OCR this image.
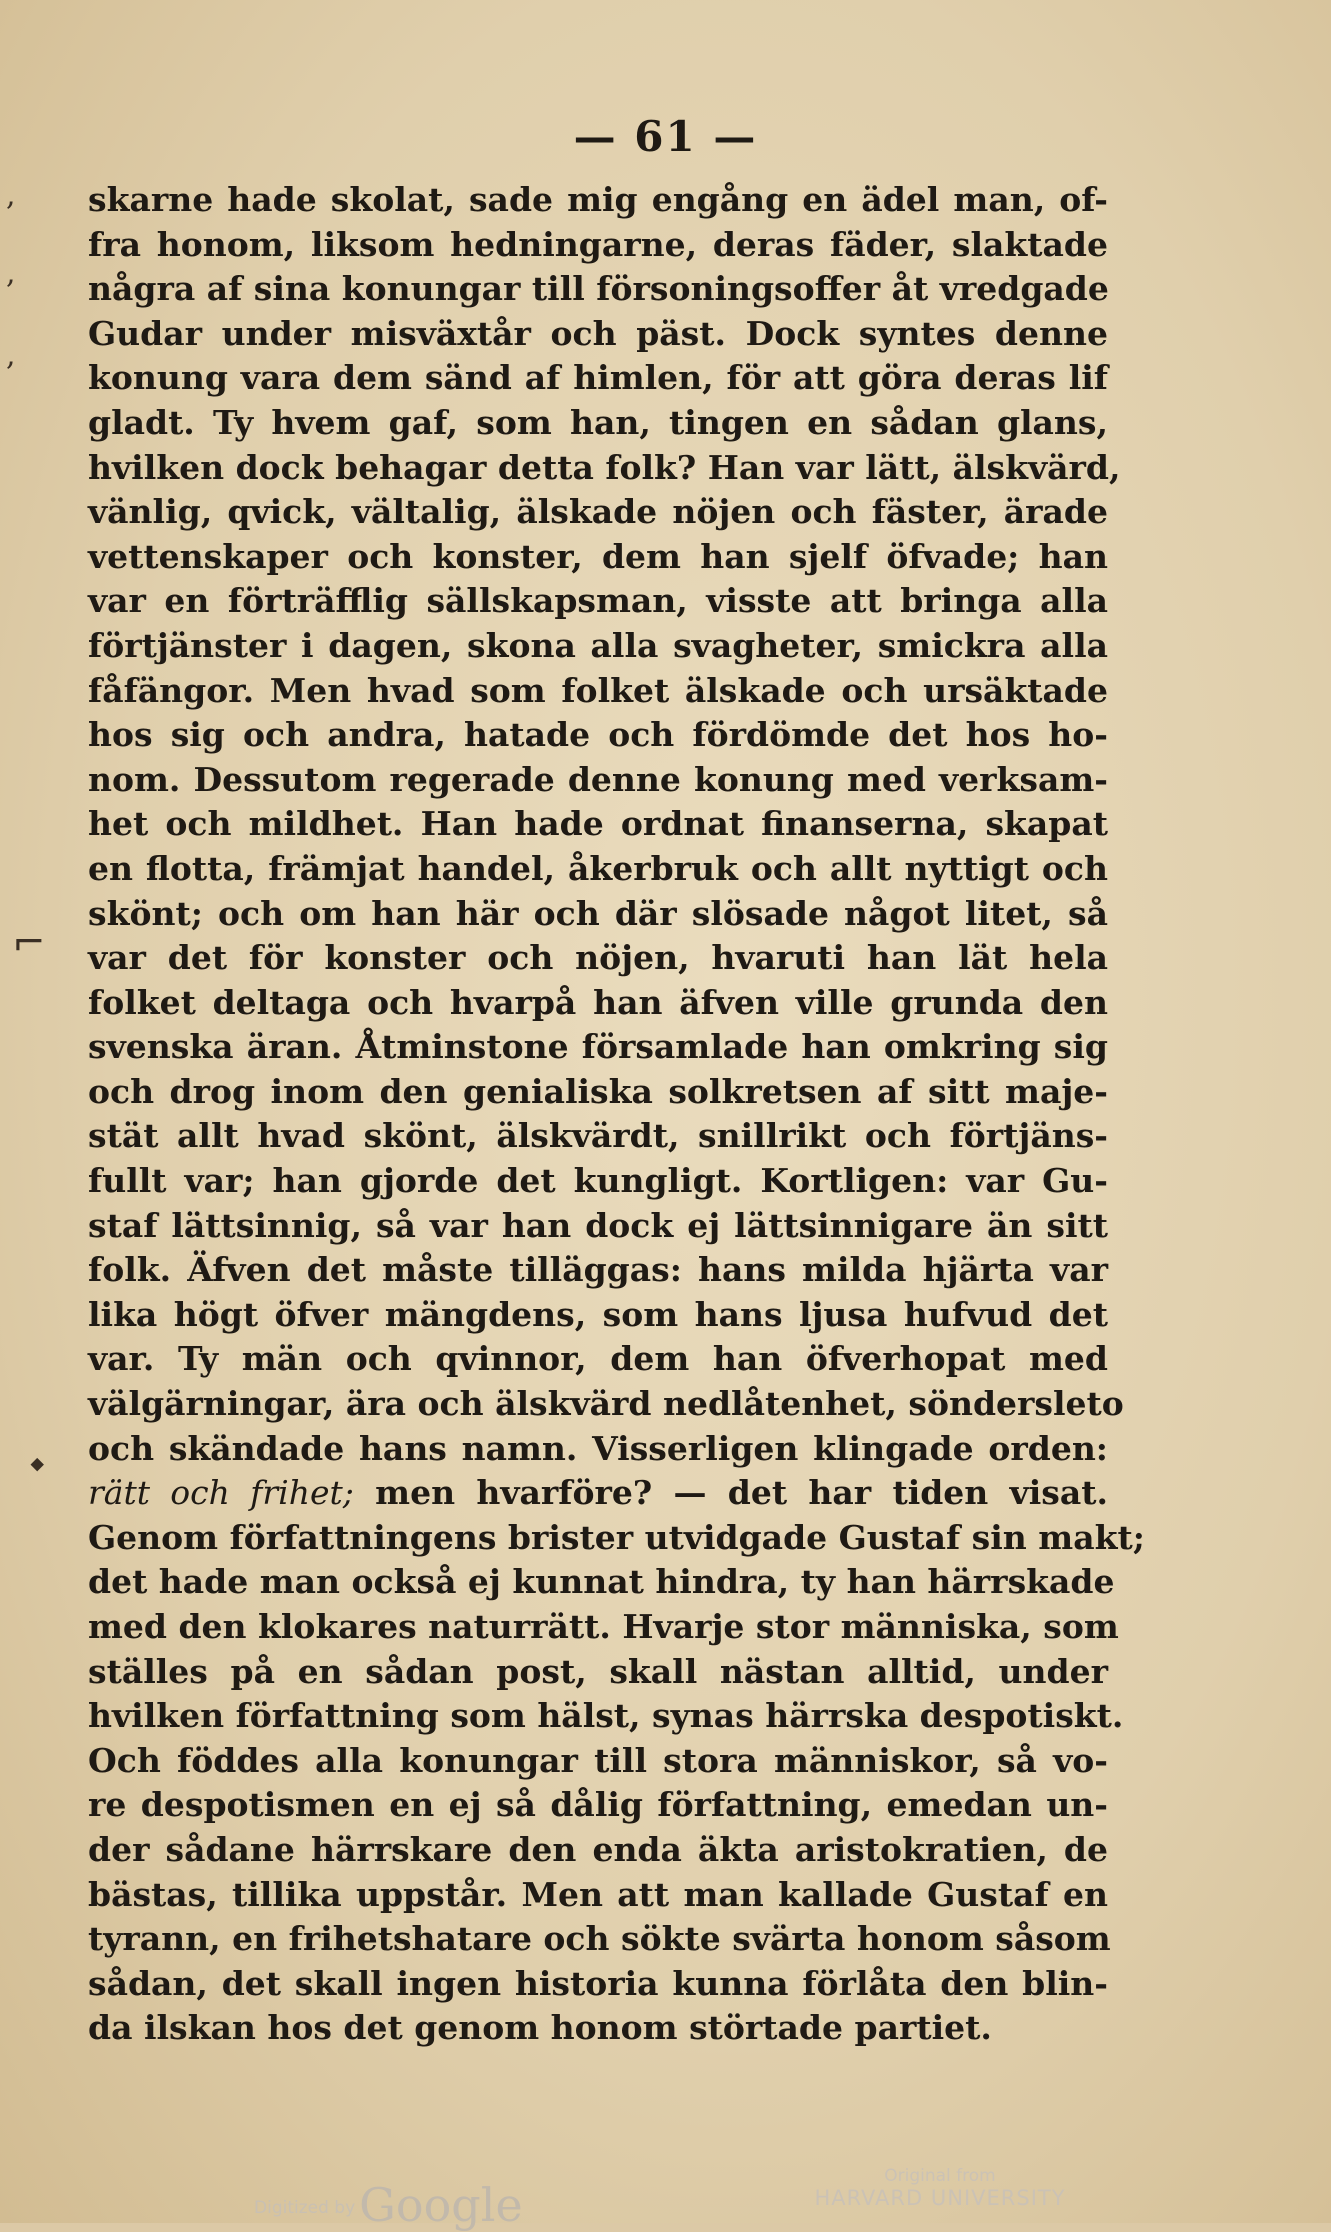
— 61 —
,
,
,
⌐
⬩
skarne hade skolat, sade mig engång en ädel man, of-
fra honom, liksom hedningarne, deras fäder, slaktade
några af sina konungar till försoningsoffer åt vredgade
Gudar under misväxtår och päst. Dock syntes denne
konung vara dem sänd af himlen, för att göra deras lif
gladt. Ty hvem gaf, som han, tingen en sådan glans,
hvilken dock behagar detta folk? Han var lätt, älskvärd,
vänlig, qvick, vältalig, älskade nöjen och fäster, ärade
vettenskaper och konster, dem han sjelf öfvade; han
var en förträfflig sällskapsman, visste att bringa alla
förtjänster i dagen, skona alla svagheter, smickra alla
fåfängor. Men hvad som folket älskade och ursäktade
hos sig och andra, hatade och fördömde det hos ho-
nom. Dessutom regerade denne konung med verksam-
het och mildhet. Han hade ordnat finanserna, skapat
en flotta, främjat handel, åkerbruk och allt nyttigt och
skönt; och om han här och där slösade något litet, så
var det för konster och nöjen, hvaruti han lät hela
folket deltaga och hvarpå han äfven ville grunda den
svenska äran. Åtminstone församlade han omkring sig
och drog inom den genialiska solkretsen af sitt maje-
stät allt hvad skönt, älskvärdt, snillrikt och förtjäns-
fullt var; han gjorde det kungligt. Kortligen: var Gu-
staf lättsinnig, så var han dock ej lättsinnigare än sitt
folk. Äfven det måste tilläggas: hans milda hjärta var
lika högt öfver mängdens, som hans ljusa hufvud det
var. Ty män och qvinnor, dem han öfverhopat med
välgärningar, ära och älskvärd nedlåtenhet, söndersleto
och skändade hans namn. Visserligen klingade orden:
rätt och frihet; men hvarföre? — det har tiden visat.
Genom författningens brister utvidgade Gustaf sin makt;
det hade man också ej kunnat hindra, ty han härrskade
med den klokares naturrätt. Hvarje stor människa, som
ställes på en sådan post, skall nästan alltid, under
hvilken författning som hälst, synas härrska despotiskt.
Och föddes alla konungar till stora människor, så vo-
re despotismen en ej så dålig författning, emedan un-
der sådane härrskare den enda äkta aristokratien, de
bästas, tillika uppstår. Men att man kallade Gustaf en
tyrann, en frihetshatare och sökte svärta honom såsom
sådan, det skall ingen historia kunna förlåta den blin-
da ilskan hos det genom honom störtade partiet.
Digitized by Google
Original from
HARVARD UNIVERSITY
